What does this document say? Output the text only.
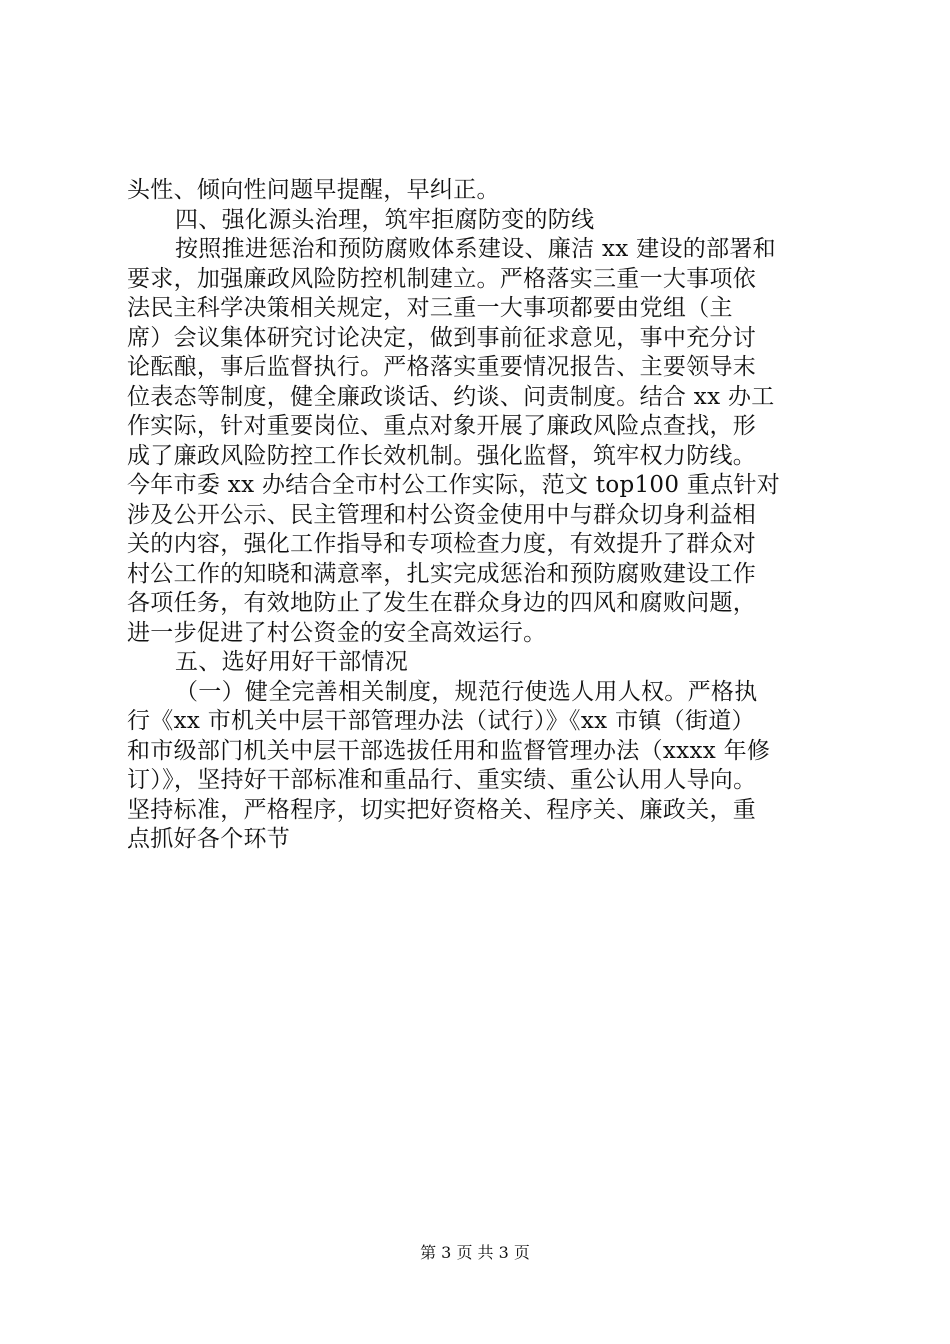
头性、倾向性问题早提醒，早纠正。
四、强化源头治理，筑牢拒腐防变的防线
按照推进惩治和预防腐败体系建设、廉洁 xx 建设的部署和
要求，加强廉政风险防控机制建立。严格落实三重一大事项依
法民主科学决策相关规定，对三重一大事项都要由党组（主
席）会议集体研究讨论决定，做到事前征求意见，事中充分讨
论酝酿，事后监督执行。严格落实重要情况报告、主要领导末
位表态等制度，健全廉政谈话、约谈、问责制度。结合 xx 办工
作实际，针对重要岗位、重点对象开展了廉政风险点查找，形
成了廉政风险防控工作长效机制。强化监督，筑牢权力防线。
今年市委 xx 办结合全市村公工作实际，范文 top100 重点针对
涉及公开公示、民主管理和村公资金使用中与群众切身利益相
关的内容，强化工作指导和专项检查力度，有效提升了群众对
村公工作的知晓和满意率，扎实完成惩治和预防腐败建设工作
各项任务，有效地防止了发生在群众身边的四风和腐败问题，
进一步促进了村公资金的安全高效运行。
五、选好用好干部情况
（一）健全完善相关制度，规范行使选人用人权。严格执
行《xx 市机关中层干部管理办法（试行）》《xx 市镇（街道）
和市级部门机关中层干部选拔任用和监督管理办法（xxxx 年修
订）》，坚持好干部标准和重品行、重实绩、重公认用人导向。
坚持标准，严格程序，切实把好资格关、程序关、廉政关，重
点抓好各个环节
第 3 页 共 3 页
